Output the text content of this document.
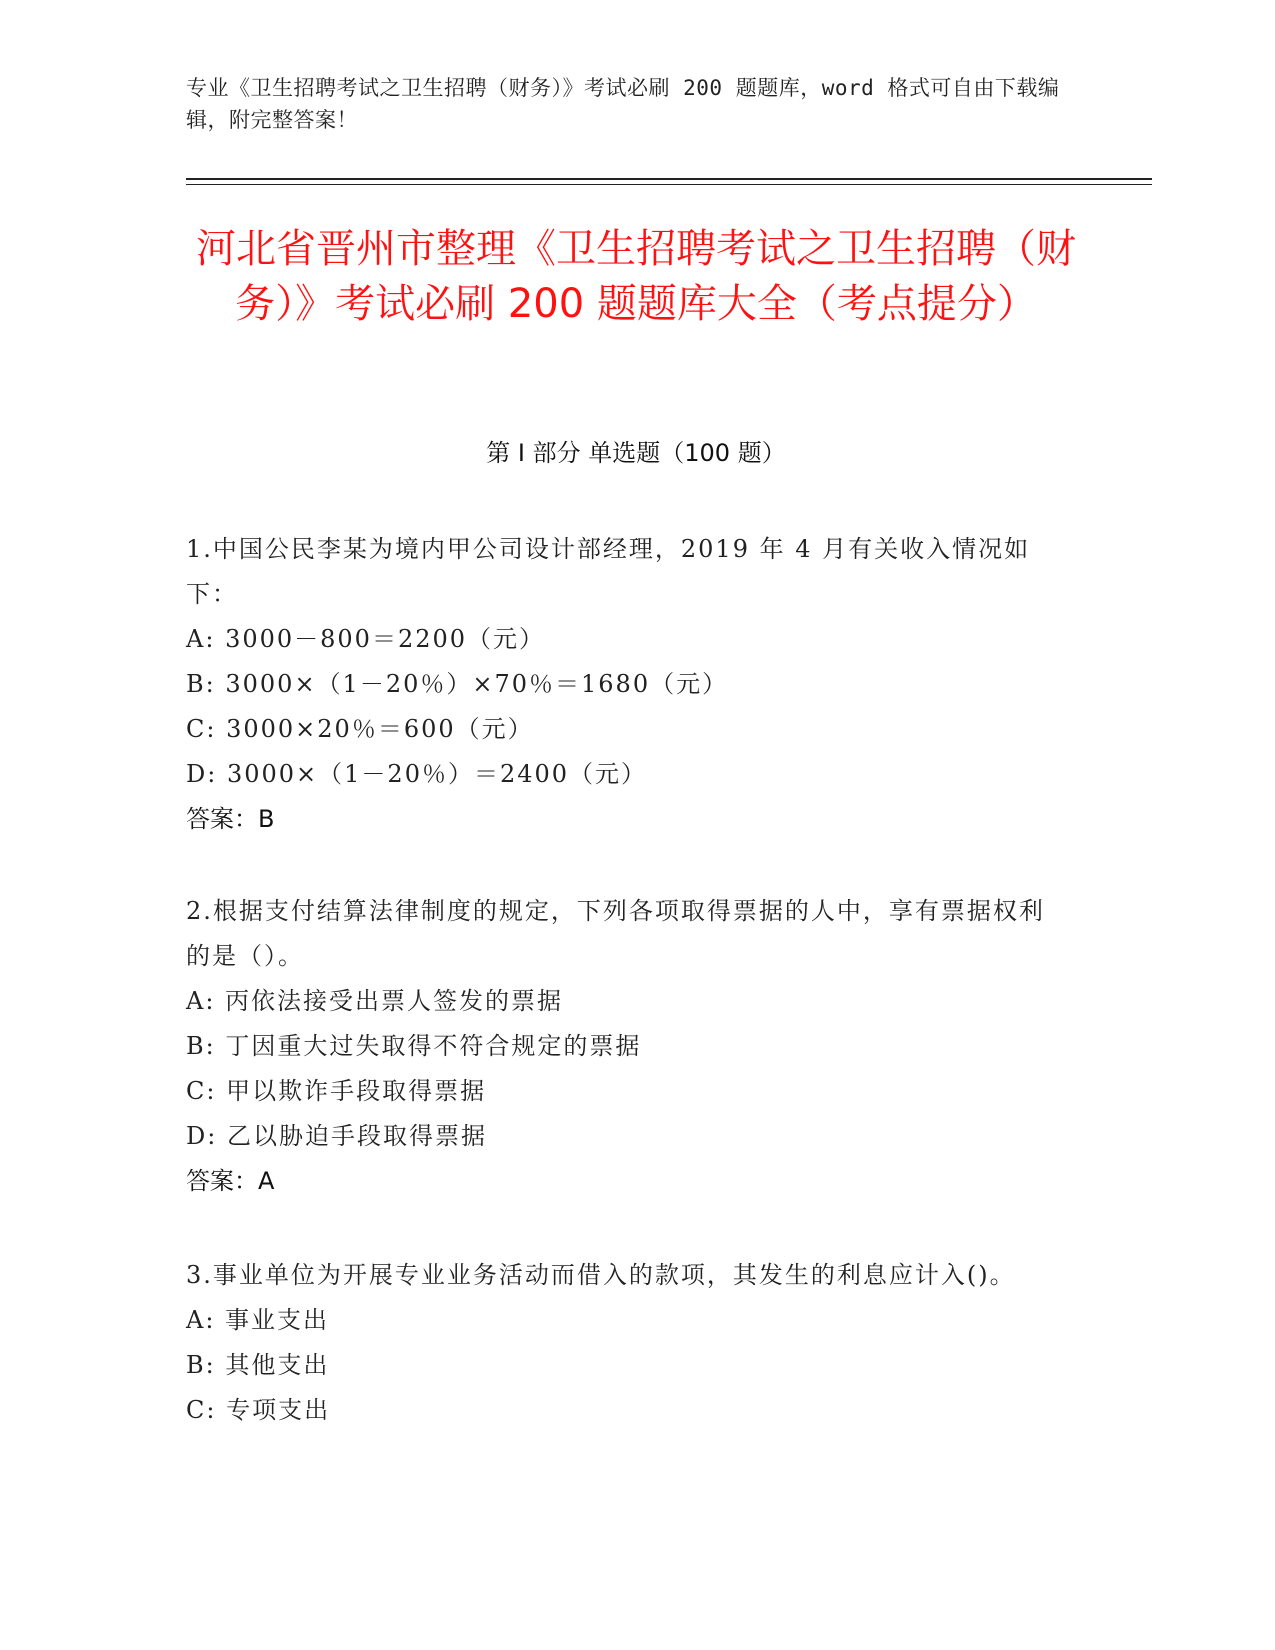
专业《卫生招聘考试之卫生招聘（财务）》考试必刷 200 题题库，word 格式可自由下载编辑，附完整答案！
河北省晋州市整理《卫生招聘考试之卫生招聘（财务）》考试必刷 200 题题库大全（考点提分）
第 I 部分 单选题（100 题）

1.中国公民李某为境内甲公司设计部经理，2019 年 4 月有关收入情况如下：

A: 3000－800＝2200（元）

B: 3000×（1－20％）×70％＝1680（元）

C: 3000×20％＝600（元）

D: 3000×（1－20％）＝2400（元）

答案：B

2.根据支付结算法律制度的规定，下列各项取得票据的人中，享有票据权利的是（）。

A: 丙依法接受出票人签发的票据

B: 丁因重大过失取得不符合规定的票据

C: 甲以欺诈手段取得票据

D: 乙以胁迫手段取得票据

答案：A

3.事业单位为开展专业业务活动而借入的款项，其发生的利息应计入()。

A: 事业支出

B: 其他支出

C: 专项支出
